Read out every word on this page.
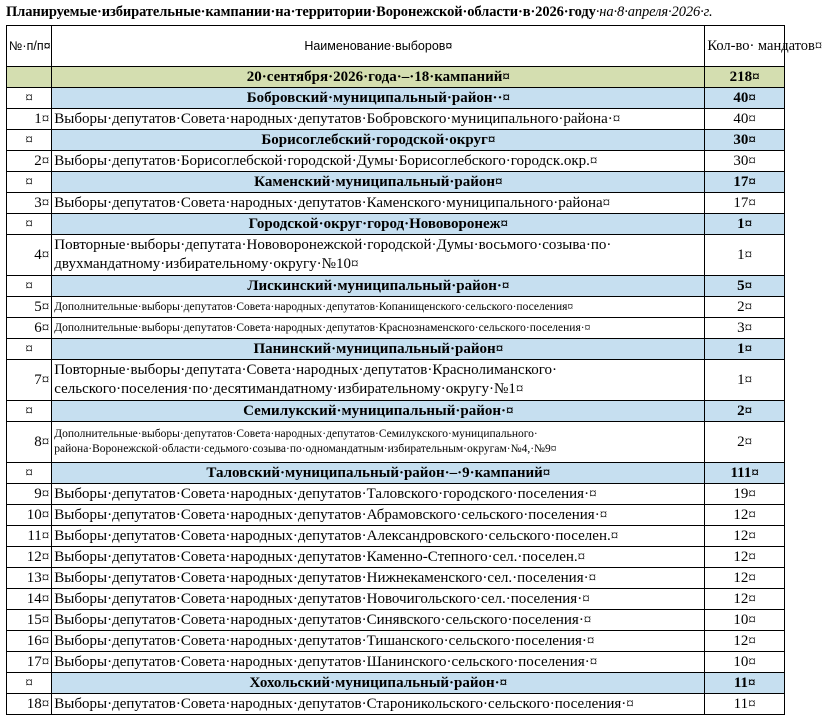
Планируемые·избирательные·кампании·на·территории·Воронежской·области·в·2026·году·на·8·апреля·2026·г.
№·п/п¤	Наименование·выборов¤	Кол-во· мандатов¤	
	20·сентября·2026·года·–·18·кампаний¤	218¤	
¤	Бобровский·муниципальный·район··¤	40¤	
1¤	Выборы·депутатов·Совета·народных·депутатов·Бобровского·муниципального·района·¤	40¤	
¤	Борисоглебский·городской·округ¤	30¤	
2¤	Выборы·депутатов·Борисоглебской·городской·Думы·Борисоглебского·городск.окр.¤	30¤	
¤	Каменский·муниципальный·район¤	17¤	
3¤	Выборы·депутатов·Совета·народных·депутатов·Каменского·муниципального·района¤	17¤	
¤	Городской·округ·город·Нововоронеж¤	1¤	
4¤	Повторные·выборы·депутата·Нововоронежской·городской·Думы·восьмого·созыва·по· двухмандатному·избирательному·округу·№10¤	1¤	
¤	Лискинский·муниципальный·район·¤	5¤	
5¤	Дополнительные·выборы·депутатов·Совета·народных·депутатов·Копанищенского·сельского·поселения¤	2¤	
6¤	Дополнительные·выборы·депутатов·Совета·народных·депутатов·Краснознаменского·сельского·поселения·¤	3¤	
¤	Панинский·муниципальный·район¤	1¤	
7¤	Повторные·выборы·депутата·Совета·народных·депутатов·Краснолиманского· сельского·поселения·по·десятимандатному·избирательному·округу·№1¤	1¤	
¤	Семилукский·муниципальный·район·¤	2¤	
8¤	Дополнительные·выборы·депутатов·Совета·народных·депутатов·Семилукского·муниципального· района·Воронежской·области·седьмого·созыва·по·одномандатным·избирательным·округам·№4,·№9¤	2¤	
¤	Таловский·муниципальный·район·–·9·кампаний¤	111¤	
9¤	Выборы·депутатов·Совета·народных·депутатов·Таловского·городского·поселения·¤	19¤	
10¤	Выборы·депутатов·Совета·народных·депутатов·Абрамовского·сельского·поселения·¤	12¤	
11¤	Выборы·депутатов·Совета·народных·депутатов·Александровского·сельского·поселен.¤	12¤	
12¤	Выборы·депутатов·Совета·народных·депутатов·Каменно-Степного·сел.·поселен.¤	12¤	
13¤	Выборы·депутатов·Совета·народных·депутатов·Нижнекаменского·сел.·поселения·¤	12¤	
14¤	Выборы·депутатов·Совета·народных·депутатов·Новочигольского·сел.·поселения·¤	12¤	
15¤	Выборы·депутатов·Совета·народных·депутатов·Синявского·сельского·поселения·¤	10¤	
16¤	Выборы·депутатов·Совета·народных·депутатов·Тишанского·сельского·поселения·¤	12¤	
17¤	Выборы·депутатов·Совета·народных·депутатов·Шанинского·сельского·поселения·¤	10¤	
¤	Хохольский·муниципальный·район·¤	11¤	
18¤	Выборы·депутатов·Совета·народных·депутатов·Староникольского·сельского·поселения·¤	11¤	
